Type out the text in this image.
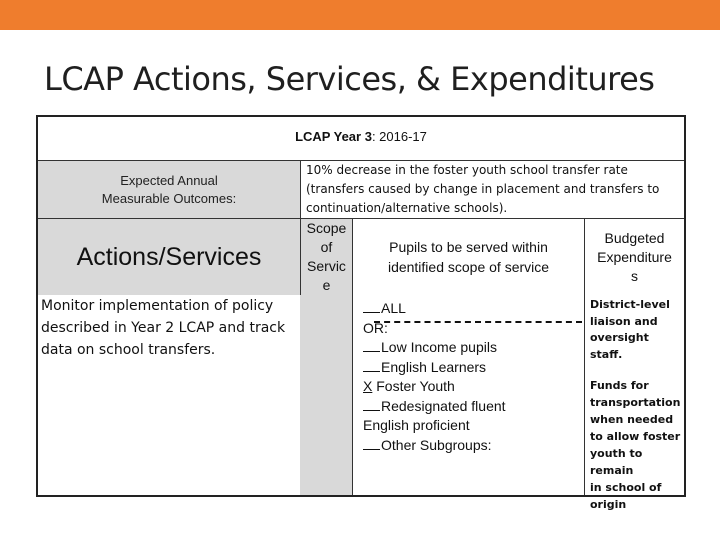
LCAP Actions, Services, & Expenditures
LCAP Year 3: 2016-17
Expected Annual
Measurable Outcomes:
10% decrease in the foster youth school transfer rate
(transfers caused by change in placement and transfers to
continuation/alternative schools).
Actions/Services
Scope
of
Servic
e
Pupils to be served within
identified scope of service
Budgeted
Expenditure
s
Monitor implementation of policy
described in Year 2 LCAP and track
data on school transfers.
ALL
OR:
Low Income pupils
English Learners
X Foster Youth
Redesignated fluent
English proficient
Other Subgroups:
District-level
liaison and
oversight staff.
Funds for
transportation
when needed
to allow foster
youth to remain
in school of
origin
